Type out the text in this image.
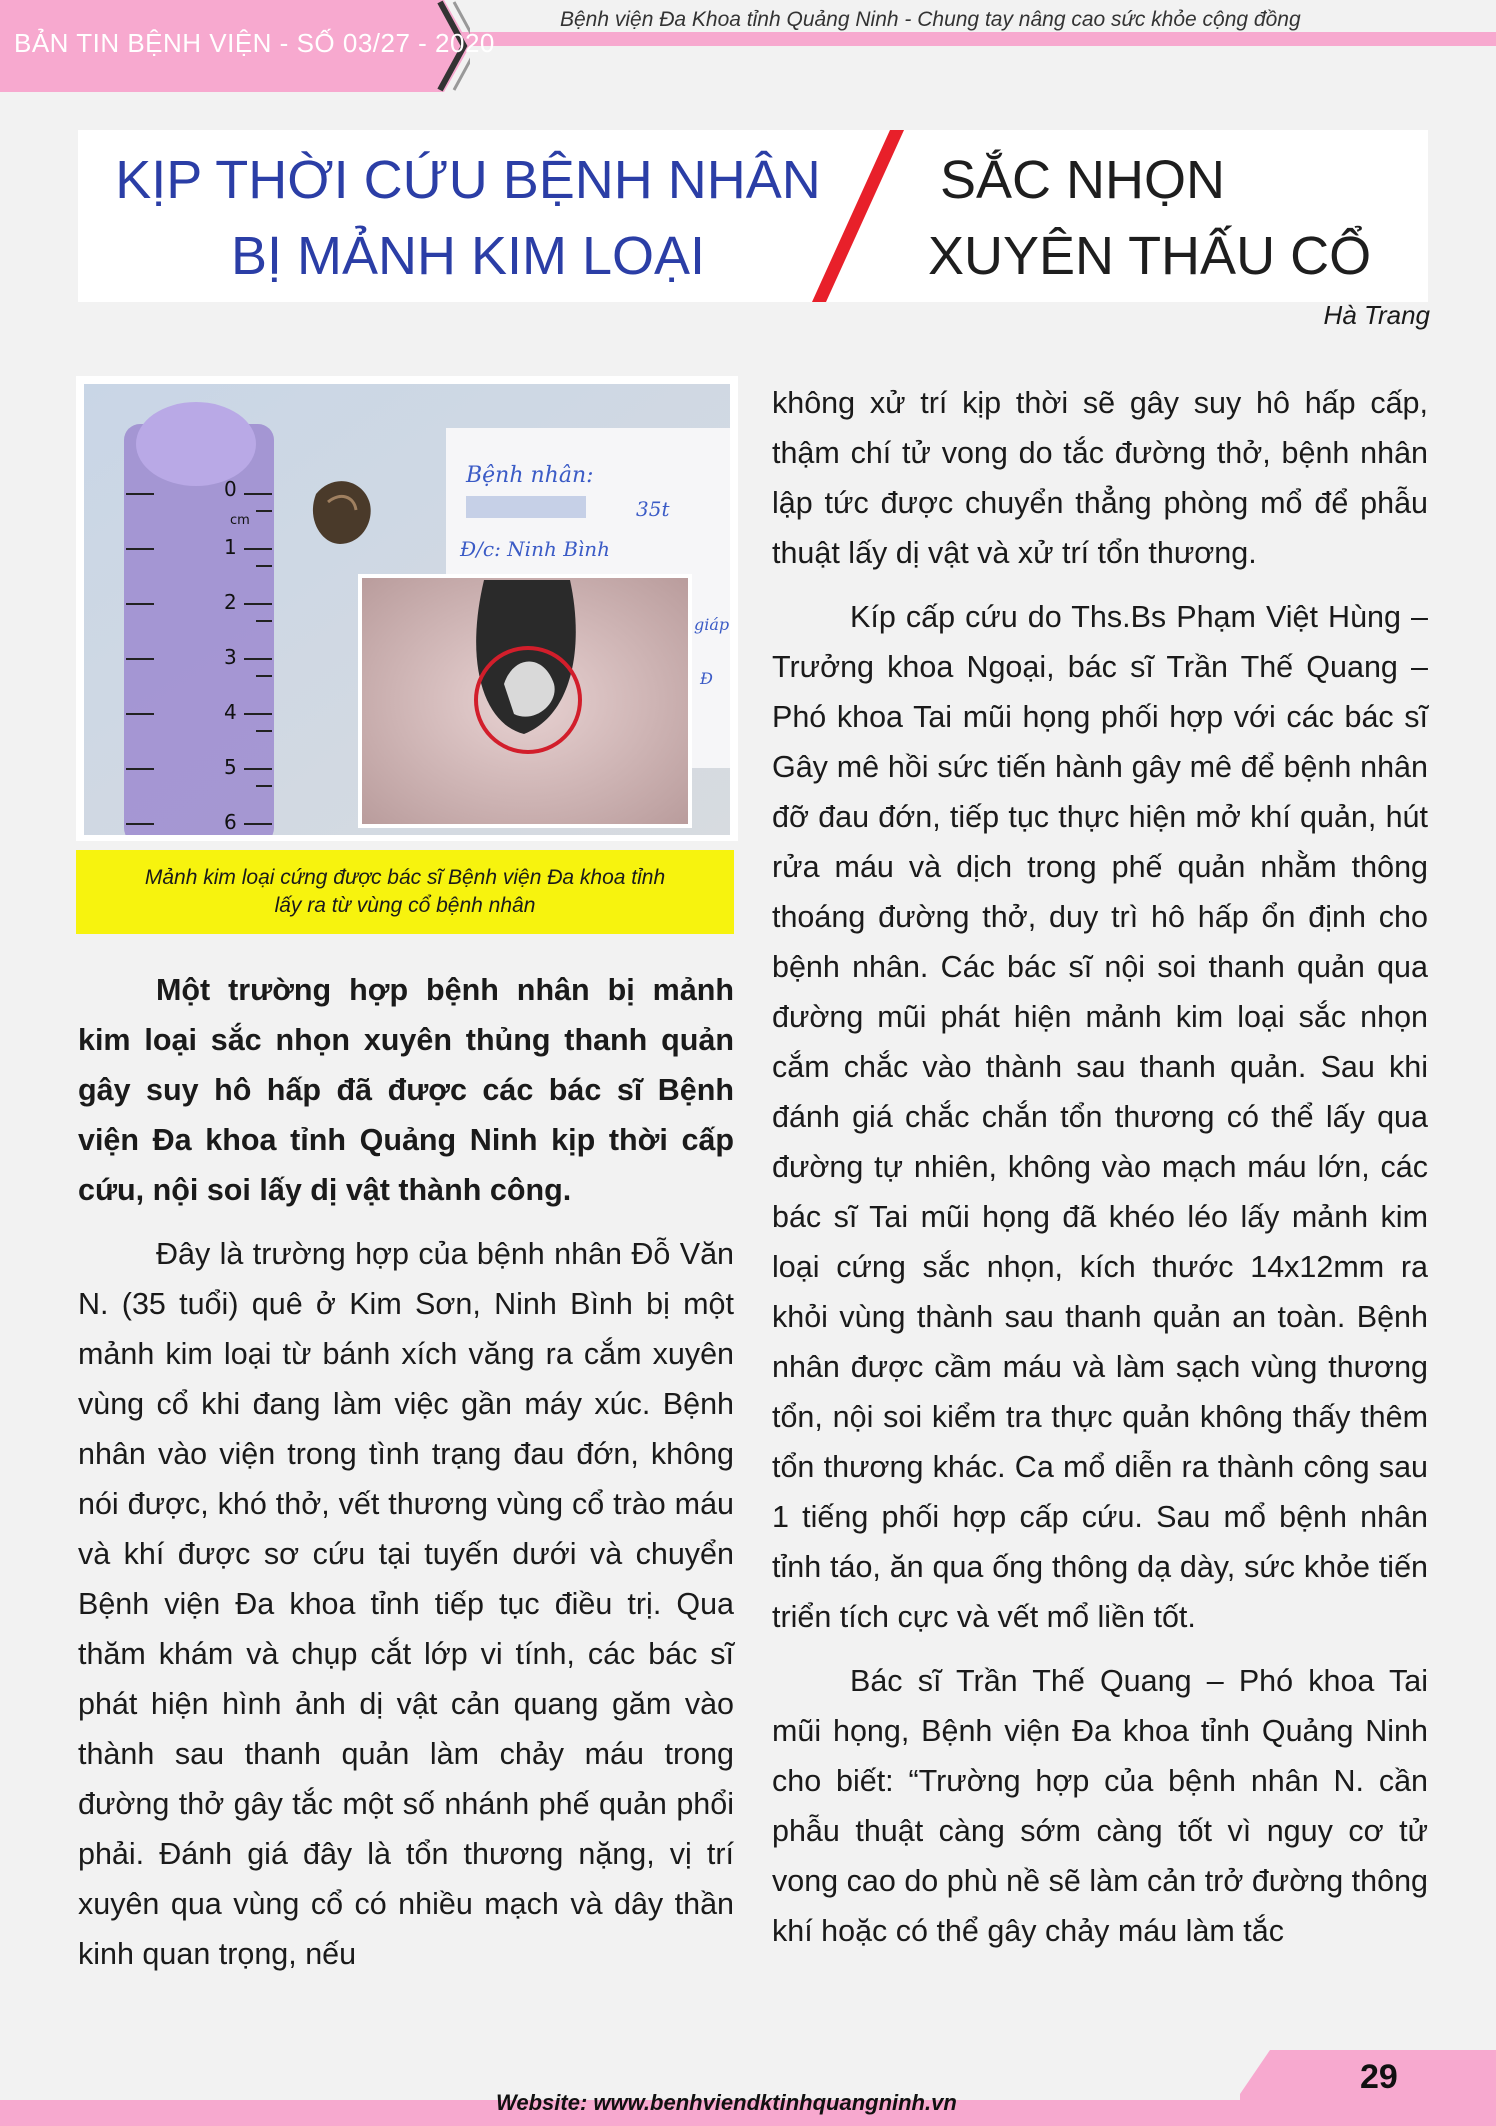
BẢN TIN BỆNH VIỆN - SỐ 03/27 - 2020
Bệnh viện Đa Khoa tỉnh Quảng Ninh - Chung tay nâng cao sức khỏe cộng đồng
KỊP THỜI CỨU BỆNH NHÂN
BỊ MẢNH KIM LOẠI
SẮC NHỌN
XUYÊN THẤU CỔ
Hà Trang
Bệnh nhân:
35t
Đ/c: Ninh Bình
giáp
Đ
0
1
2
3
4
5
6
cm
Mảnh kim loại cứng được bác sĩ Bệnh viện Đa khoa tỉnh
lấy ra từ vùng cổ bệnh nhân

Một trường hợp bệnh nhân bị mảnh kim loại sắc nhọn xuyên thủng thanh quản gây suy hô hấp đã được các bác sĩ Bệnh viện Đa khoa tỉnh Quảng Ninh kịp thời cấp cứu, nội soi lấy dị vật thành công.

Đây là trường hợp của bệnh nhân Đỗ Văn N. (35 tuổi) quê ở Kim Sơn, Ninh Bình bị một mảnh kim loại từ bánh xích văng ra cắm xuyên vùng cổ khi đang làm việc gần máy xúc. Bệnh nhân vào viện trong tình trạng đau đớn, không nói được, khó thở, vết thương vùng cổ trào máu và khí được sơ cứu tại tuyến dưới và chuyển Bệnh viện Đa khoa tỉnh tiếp tục điều trị. Qua thăm khám và chụp cắt lớp vi tính, các bác sĩ phát hiện hình ảnh dị vật cản quang găm vào thành sau thanh quản làm chảy máu trong đường thở gây tắc một số nhánh phế quản phổi phải. Đánh giá đây là tổn thương nặng, vị trí xuyên qua vùng cổ có nhiều mạch và dây thần kinh quan trọng, nếu

không xử trí kịp thời sẽ gây suy hô hấp cấp, thậm chí tử vong do tắc đường thở, bệnh nhân lập tức được chuyển thẳng phòng mổ để phẫu thuật lấy dị vật và xử trí tổn thương.

Kíp cấp cứu do Ths.Bs Phạm Việt Hùng – Trưởng khoa Ngoại, bác sĩ Trần Thế Quang – Phó khoa Tai mũi họng phối hợp với các bác sĩ Gây mê hồi sức tiến hành gây mê để bệnh nhân đỡ đau đớn, tiếp tục thực hiện mở khí quản, hút rửa máu và dịch trong phế quản nhằm thông thoáng đường thở, duy trì hô hấp ổn định cho bệnh nhân. Các bác sĩ nội soi thanh quản qua đường mũi phát hiện mảnh kim loại sắc nhọn cắm chắc vào thành sau thanh quản. Sau khi đánh giá chắc chắn tổn thương có thể lấy qua đường tự nhiên, không vào mạch máu lớn, các bác sĩ Tai mũi họng đã khéo léo lấy mảnh kim loại cứng sắc nhọn, kích thước 14x12mm ra khỏi vùng thành sau thanh quản an toàn. Bệnh nhân được cầm máu và làm sạch vùng thương tổn, nội soi kiểm tra thực quản không thấy thêm tổn thương khác. Ca mổ diễn ra thành công sau 1 tiếng phối hợp cấp cứu. Sau mổ bệnh nhân tỉnh táo, ăn qua ống thông dạ dày, sức khỏe tiến triển tích cực và vết mổ liền tốt.

Bác sĩ Trần Thế Quang – Phó khoa Tai mũi họng, Bệnh viện Đa khoa tỉnh Quảng Ninh cho biết: “Trường hợp của bệnh nhân N. cần phẫu thuật càng sớm càng tốt vì nguy cơ tử vong cao do phù nề sẽ làm cản trở đường thông khí hoặc có thể gây chảy máu làm tắc

29
Website: www.benhviendktinhquangninh.vn
